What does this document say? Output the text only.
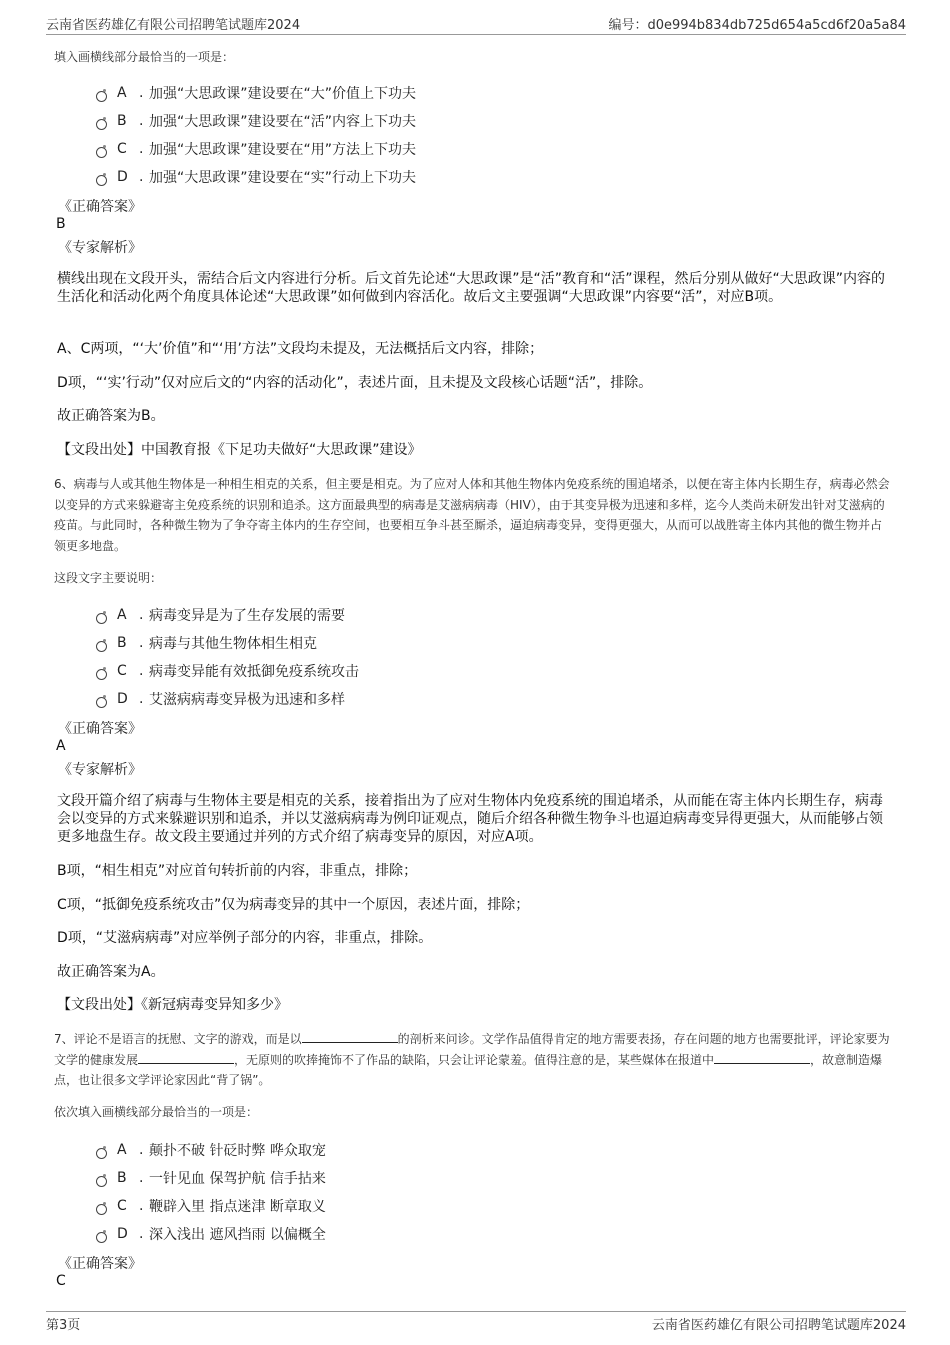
云南省医药雄亿有限公司招聘笔试题库2024	编号：d0e994b834db725d654a5cd6f20a5a84

填入画横线部分最恰当的一项是：

A . 加强“大思政课”建设要在“大”价值上下功夫
B . 加强“大思政课”建设要在“活”内容上下功夫
C . 加强“大思政课”建设要在“用”方法上下功夫
D . 加强“大思政课”建设要在“实”行动上下功夫

《正确答案》

B

《专家解析》

横线出现在文段开头，需结合后文内容进行分析。后文首先论述“大思政课”是“活”教育和“活”课程，然后分别从做好“大思政课”内容的生活化和活动化两个角度具体论述“大思政课”如何做到内容活化。故后文主要强调“大思政课”内容要“活”，对应B项。

A、C两项，“‘大’价值”和“‘用’方法”文段均未提及，无法概括后文内容，排除；

D项，“‘实’行动”仅对应后文的“内容的活动化”，表述片面，且未提及文段核心话题“活”，排除。

故正确答案为B。

【文段出处】中国教育报《下足功夫做好“大思政课”建设》

6、病毒与人或其他生物体是一种相生相克的关系，但主要是相克。为了应对人体和其他生物体内免疫系统的围追堵杀，以便在寄主体内长期生存，病毒必然会以变异的方式来躲避寄主免疫系统的识别和追杀。这方面最典型的病毒是艾滋病病毒（HIV），由于其变异极为迅速和多样，迄今人类尚未研发出针对艾滋病的疫苗。与此同时，各种微生物为了争夺寄主体内的生存空间，也要相互争斗甚至厮杀，逼迫病毒变异，变得更强大，从而可以战胜寄主体内其他的微生物并占领更多地盘。

这段文字主要说明：

A . 病毒变异是为了生存发展的需要
B . 病毒与其他生物体相生相克
C . 病毒变异能有效抵御免疫系统攻击
D . 艾滋病病毒变异极为迅速和多样

《正确答案》

A

《专家解析》

文段开篇介绍了病毒与生物体主要是相克的关系，接着指出为了应对生物体内免疫系统的围追堵杀，从而能在寄主体内长期生存，病毒会以变异的方式来躲避识别和追杀，并以艾滋病病毒为例印证观点，随后介绍各种微生物争斗也逼迫病毒变异得更强大，从而能够占领更多地盘生存。故文段主要通过并列的方式介绍了病毒变异的原因，对应A项。

B项，“相生相克”对应首句转折前的内容，非重点，排除；

C项，“抵御免疫系统攻击”仅为病毒变异的其中一个原因，表述片面，排除；

D项，“艾滋病病毒”对应举例子部分的内容，非重点，排除。

故正确答案为A。

【文段出处】《新冠病毒变异知多少》

7、评论不是语言的抚慰、文字的游戏，而是以	的剖析来问诊。文学作品值得肯定的地方需要表扬，存在问题的地方也需要批评，评论家要为文学的健康发展	，无原则的吹捧掩饰不了作品的缺陷，只会让评论蒙羞。值得注意的是，某些媒体在报道中	，故意制造爆点，也让很多文学评论家因此“背了锅”。

依次填入画横线部分最恰当的一项是：

A . 颠扑不破 针砭时弊 哗众取宠
B . 一针见血 保驾护航 信手拈来
C . 鞭辟入里 指点迷津 断章取义
D . 深入浅出 遮风挡雨 以偏概全

《正确答案》

C

第3页	云南省医药雄亿有限公司招聘笔试题库2024
